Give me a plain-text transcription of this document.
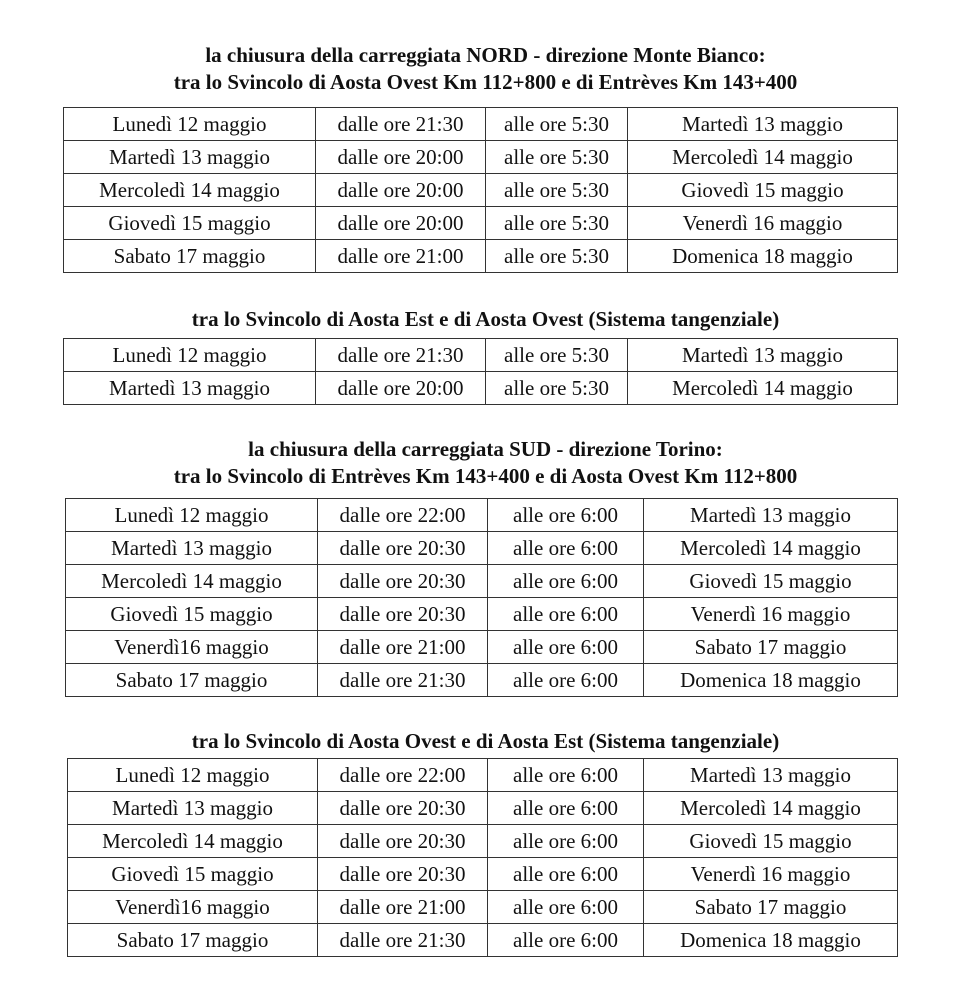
la chiusura della carreggiata NORD - direzione Monte Bianco:
tra lo Svincolo di Aosta Ovest Km 112+800 e di Entrèves Km 143+400
Lunedì 12 maggio	dalle ore 21:30	alle ore 5:30	Martedì 13 maggio
Martedì 13 maggio	dalle ore 20:00	alle ore 5:30	Mercoledì 14 maggio
Mercoledì 14 maggio	dalle ore 20:00	alle ore 5:30	Giovedì 15 maggio
Giovedì 15 maggio	dalle ore 20:00	alle ore 5:30	Venerdì 16 maggio
Sabato 17 maggio	dalle ore 21:00	alle ore 5:30	Domenica 18 maggio
tra lo Svincolo di Aosta Est e di Aosta Ovest (Sistema tangenziale)
Lunedì 12 maggio	dalle ore 21:30	alle ore 5:30	Martedì 13 maggio
Martedì 13 maggio	dalle ore 20:00	alle ore 5:30	Mercoledì 14 maggio
la chiusura della carreggiata SUD - direzione Torino:
tra lo Svincolo di Entrèves Km 143+400 e di Aosta Ovest Km 112+800
Lunedì 12 maggio	dalle ore 22:00	alle ore 6:00	Martedì 13 maggio
Martedì 13 maggio	dalle ore 20:30	alle ore 6:00	Mercoledì 14 maggio
Mercoledì 14 maggio	dalle ore 20:30	alle ore 6:00	Giovedì 15 maggio
Giovedì 15 maggio	dalle ore 20:30	alle ore 6:00	Venerdì 16 maggio
Venerdì16 maggio	dalle ore 21:00	alle ore 6:00	Sabato 17 maggio
Sabato 17 maggio	dalle ore 21:30	alle ore 6:00	Domenica 18 maggio
tra lo Svincolo di Aosta Ovest e di Aosta Est (Sistema tangenziale)
Lunedì 12 maggio	dalle ore 22:00	alle ore 6:00	Martedì 13 maggio
Martedì 13 maggio	dalle ore 20:30	alle ore 6:00	Mercoledì 14 maggio
Mercoledì 14 maggio	dalle ore 20:30	alle ore 6:00	Giovedì 15 maggio
Giovedì 15 maggio	dalle ore 20:30	alle ore 6:00	Venerdì 16 maggio
Venerdì16 maggio	dalle ore 21:00	alle ore 6:00	Sabato 17 maggio
Sabato 17 maggio	dalle ore 21:30	alle ore 6:00	Domenica 18 maggio
